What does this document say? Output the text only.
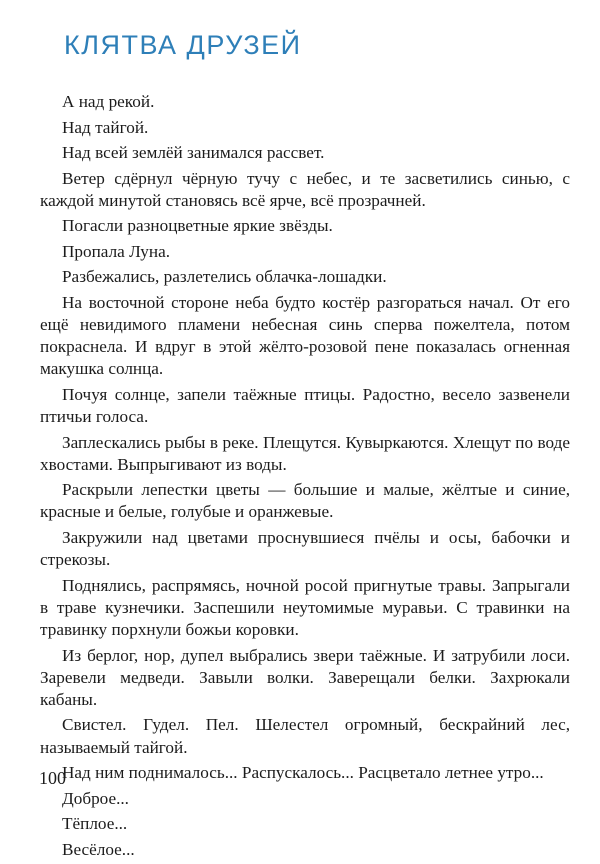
КЛЯТВА ДРУЗЕЙ

А над рекой.

Над тайгой.

Над всей землёй занимался рассвет.

Ветер сдёрнул чёрную тучу с небес, и те засветились синью, с каждой минутой становясь всё ярче, всё прозрачней.

Погасли разноцветные яркие звёзды.

Пропала Луна.

Разбежались, разлетелись облачка-лошадки.

На восточной стороне неба будто костёр разгораться начал. От его ещё невидимого пламени небесная синь сперва пожелтела, потом покраснела. И вдруг в этой жёлто-розовой пене показалась огненная макушка солнца.

Почуя солнце, запели таёжные птицы. Радостно, весело зазвенели птичьи голоса.

Заплескались рыбы в реке. Плещутся. Кувыркаются. Хлещут по воде хвостами. Выпрыгивают из воды.

Раскрыли лепестки цветы — большие и малые, жёлтые и синие, красные и белые, голубые и оранжевые.

Закружили над цветами проснувшиеся пчёлы и осы, бабочки и стрекозы.

Поднялись, распрямясь, ночной росой пригнутые травы. Запрыгали в траве кузнечики. Заспешили неутомимые муравьи. С травинки на травинку порхнули божьи коровки.

Из берлог, нор, дупел выбрались звери таёжные. И затрубили лоси. Заревели медведи. Завыли волки. Заверещали белки. Захрюкали кабаны.

Свистел. Гудел. Пел. Шелестел огромный, бескрайний лес, называемый тайгой.

Над ним поднималось... Распускалось... Расцветало летнее утро...

Доброе...

Тёплое...

Весёлое...

100
